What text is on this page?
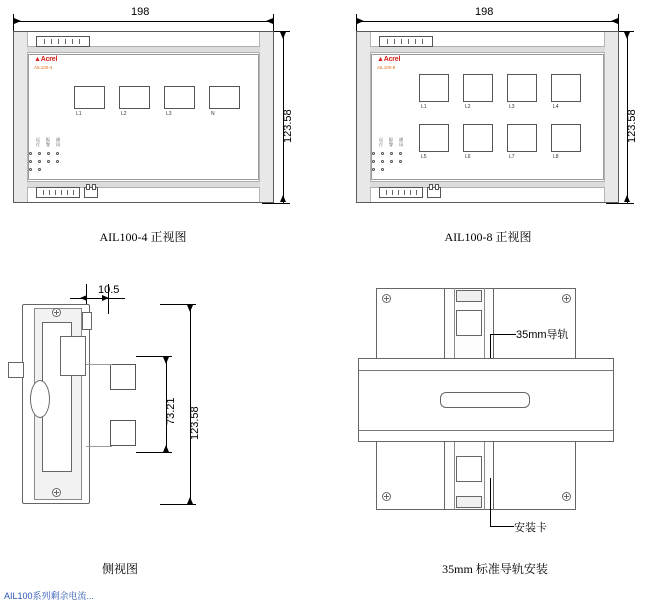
198
123.58
▲Acrel
AIL100-4
运
行
报
警
通
讯
L1	L2	L3	N
AIL100-4 正视图
198
123.58
▲Acrel
AIL100-8
运
行
报
警
通
讯
L1	L2	L3	L4
L5	L6	L7	L8
AIL100-8 正视图
10.5
73.21 123.58
侧视图
35mm导轨
安装卡
35mm 标准导轨安装
AIL100系列剩余电流...
